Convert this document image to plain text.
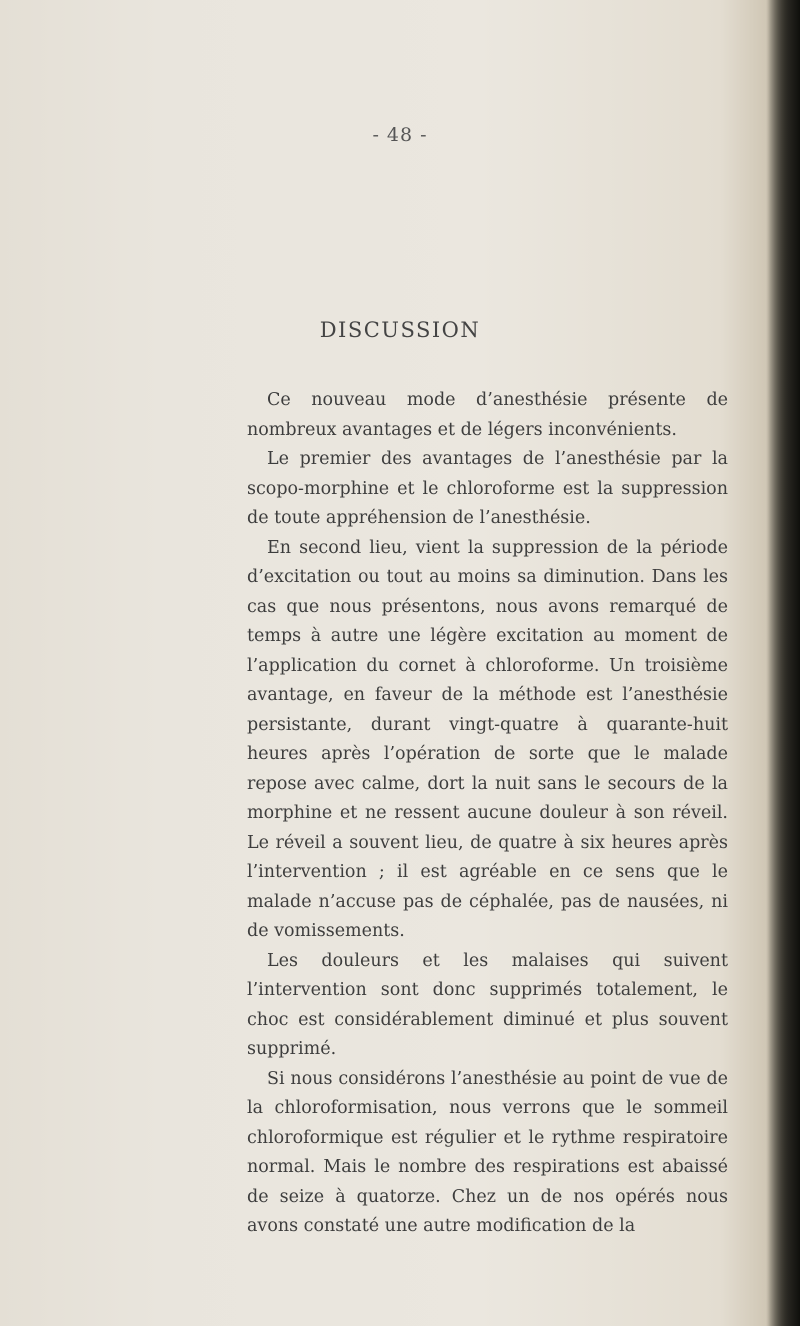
- 48 -
DISCUSSION

Ce nouveau mode d’anesthésie présente de nombreux avantages et de légers inconvénients.

Le premier des avantages de l’anesthésie par la scopo-morphine et le chloroforme est la suppression de toute appréhension de l’anesthésie.

En second lieu, vient la suppression de la période d’excitation ou tout au moins sa diminution. Dans les cas que nous présentons, nous avons remarqué de temps à autre une légère excitation au moment de l’application du cornet à chloroforme. Un troisième avantage, en faveur de la méthode est l’anesthésie persistante, durant vingt-quatre à quarante-huit heures après l’opération de sorte que le malade repose avec calme, dort la nuit sans le secours de la morphine et ne ressent aucune douleur à son réveil. Le réveil a souvent lieu, de quatre à six heures après l’intervention ; il est agréable en ce sens que le malade n’accuse pas de céphalée, pas de nausées, ni de vomissements.

Les douleurs et les malaises qui suivent l’intervention sont donc supprimés totalement, le choc est considérablement diminué et plus souvent supprimé.

Si nous considérons l’anesthésie au point de vue de la chloroformisation, nous verrons que le sommeil chloroformique est régulier et le rythme respiratoire normal. Mais le nombre des respirations est abaissé de seize à quatorze. Chez un de nos opérés nous avons constaté une autre modification de la
